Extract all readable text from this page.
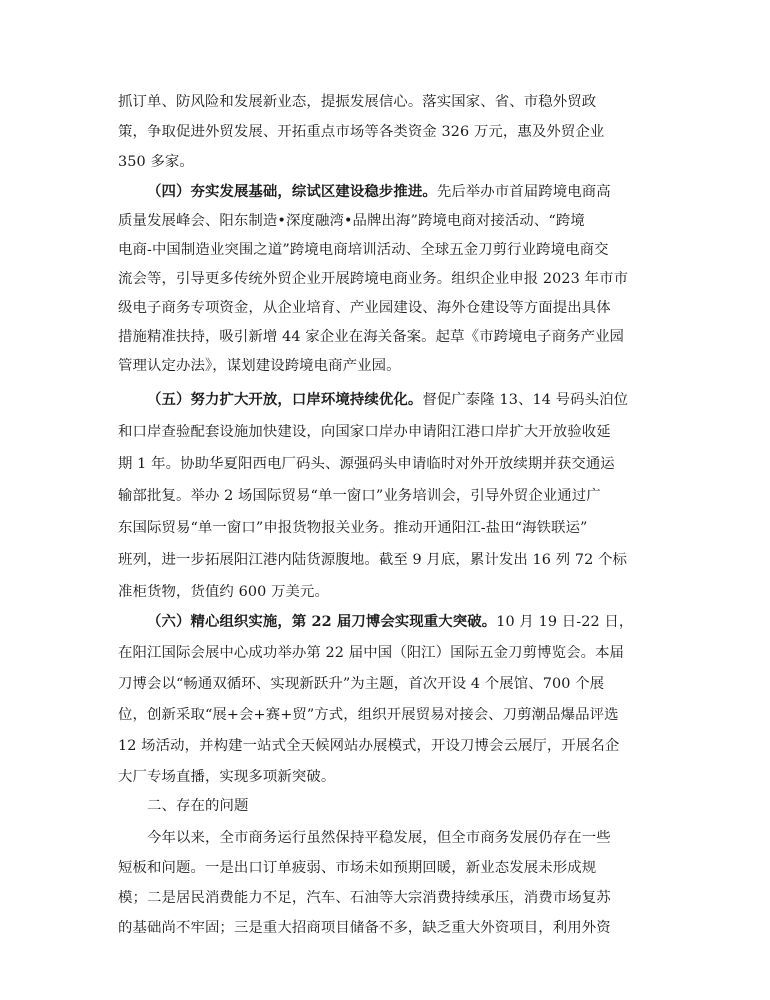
抓订单、防风险和发展新业态，提振发展信心。落实国家、省、市稳外贸政
策，争取促进外贸发展、开拓重点市场等各类资金 326 万元，惠及外贸企业
350 多家。
（四）夯实发展基础，综试区建设稳步推进。先后举办市首届跨境电商高
质量发展峰会、阳东制造•深度融湾•品牌出海”跨境电商对接活动、“跨境
电商-中国制造业突围之道”跨境电商培训活动、全球五金刀剪行业跨境电商交
流会等，引导更多传统外贸企业开展跨境电商业务。组织企业申报 2023 年市市
级电子商务专项资金，从企业培育、产业园建设、海外仓建设等方面提出具体
措施精准扶持，吸引新增 44 家企业在海关备案。起草《市跨境电子商务产业园
管理认定办法》，谋划建设跨境电商产业园。
（五）努力扩大开放，口岸环境持续优化。督促广泰隆 13、14 号码头泊位
和口岸查验配套设施加快建设，向国家口岸办申请阳江港口岸扩大开放验收延
期 1 年。协助华夏阳西电厂码头、源强码头申请临时对外开放续期并获交通运
输部批复。举办 2 场国际贸易“单一窗口”业务培训会，引导外贸企业通过广
东国际贸易“单一窗口”申报货物报关业务。推动开通阳江-盐田“海铁联运”
班列，进一步拓展阳江港内陆货源腹地。截至 9 月底，累计发出 16 列 72 个标
准柜货物，货值约 600 万美元。
（六）精心组织实施，第 22 届刀博会实现重大突破。10 月 19 日-22 日，
在阳江国际会展中心成功举办第 22 届中国（阳江）国际五金刀剪博览会。本届
刀博会以“畅通双循环、实现新跃升”为主题，首次开设 4 个展馆、700 个展
位，创新采取“展+会+赛+贸”方式，组织开展贸易对接会、刀剪潮品爆品评选
12 场活动，并构建一站式全天候网站办展模式，开设刀博会云展厅，开展名企
大厂专场直播，实现多项新突破。
二、存在的问题
今年以来，全市商务运行虽然保持平稳发展，但全市商务发展仍存在一些
短板和问题。一是出口订单疲弱、市场未如预期回暖，新业态发展未形成规
模；二是居民消费能力不足，汽车、石油等大宗消费持续承压，消费市场复苏
的基础尚不牢固；三是重大招商项目储备不多，缺乏重大外资项目，利用外资
